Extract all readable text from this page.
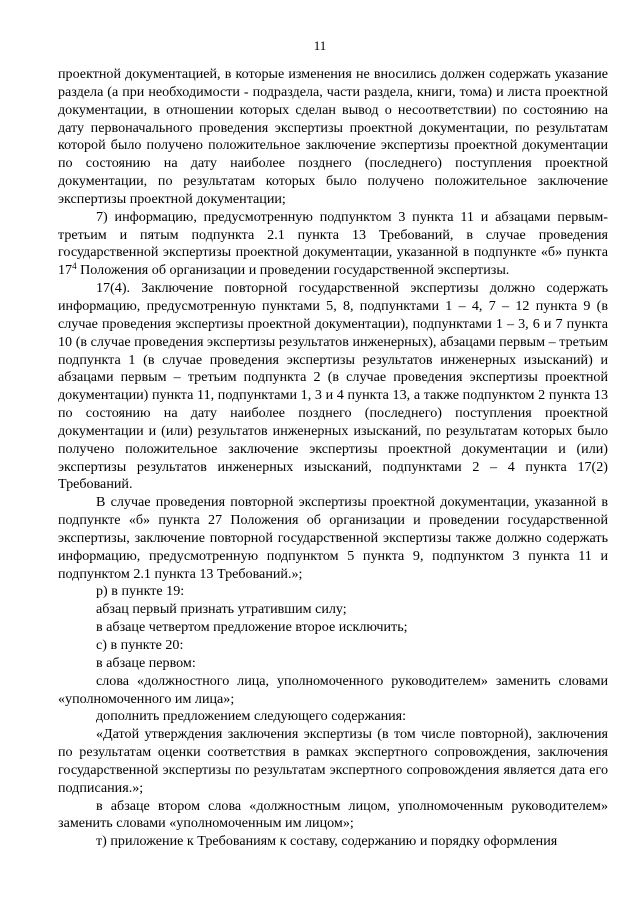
11

проектной документацией, в которые изменения не вносились должен содержать указание раздела (а при необходимости - подраздела, части раздела, книги, тома) и листа проектной документации, в отношении которых сделан вывод о несоответствии) по состоянию на дату первоначального проведения экспертизы проектной документации, по результатам которой было получено положительное заключение экспертизы проектной документации по состоянию на дату наиболее позднего (последнего) поступления проектной документации, по результатам которых было получено положительное заключение экспертизы проектной документации;

7) информацию, предусмотренную подпунктом 3 пункта 11 и абзацами первым-третьим и пятым подпункта 2.1 пункта 13 Требований, в случае проведения государственной экспертизы проектной документации, указанной в подпункте «б» пункта $17^4$ Положения об организации и проведении государственной экспертизы.

17(4). Заключение повторной государственной экспертизы должно содержать информацию, предусмотренную пунктами 5, 8, подпунктами 1 – 4, 7 – 12 пункта 9 (в случае проведения экспертизы проектной документации), подпунктами 1 – 3, 6 и 7 пункта 10 (в случае проведения экспертизы результатов инженерных), абзацами первым – третьим подпункта 1 (в случае проведения экспертизы результатов инженерных изысканий) и абзацами первым – третьим подпункта 2 (в случае проведения экспертизы проектной документации) пункта 11, подпунктами 1, 3 и 4 пункта 13, а также подпунктом 2 пункта 13 по состоянию на дату наиболее позднего (последнего) поступления проектной документации и (или) результатов инженерных изысканий, по результатам которых было получено положительное заключение экспертизы проектной документации и (или) экспертизы результатов инженерных изысканий, подпунктами 2 – 4 пункта 17(2) Требований.

В случае проведения повторной экспертизы проектной документации, указанной в подпункте «б» пункта 27 Положения об организации и проведении государственной экспертизы, заключение повторной государственной экспертизы также должно содержать информацию, предусмотренную подпунктом 5 пункта 9, подпунктом 3 пункта 11 и подпунктом 2.1 пункта 13 Требований.»;

р) в пункте 19:

абзац первый признать утратившим силу;

в абзаце четвертом предложение второе исключить;

с) в пункте 20:

в абзаце первом:

слова «должностного лица, уполномоченного руководителем» заменить словами «уполномоченного им лица»;

дополнить предложением следующего содержания:

«Датой утверждения заключения экспертизы (в том числе повторной), заключения по результатам оценки соответствия в рамках экспертного сопровождения, заключения государственной экспертизы по результатам экспертного сопровождения является дата его подписания.»;

в абзаце втором слова «должностным лицом, уполномоченным руководителем» заменить словами «уполномоченным им лицом»;

т) приложение к Требованиям к составу, содержанию и порядку оформления
